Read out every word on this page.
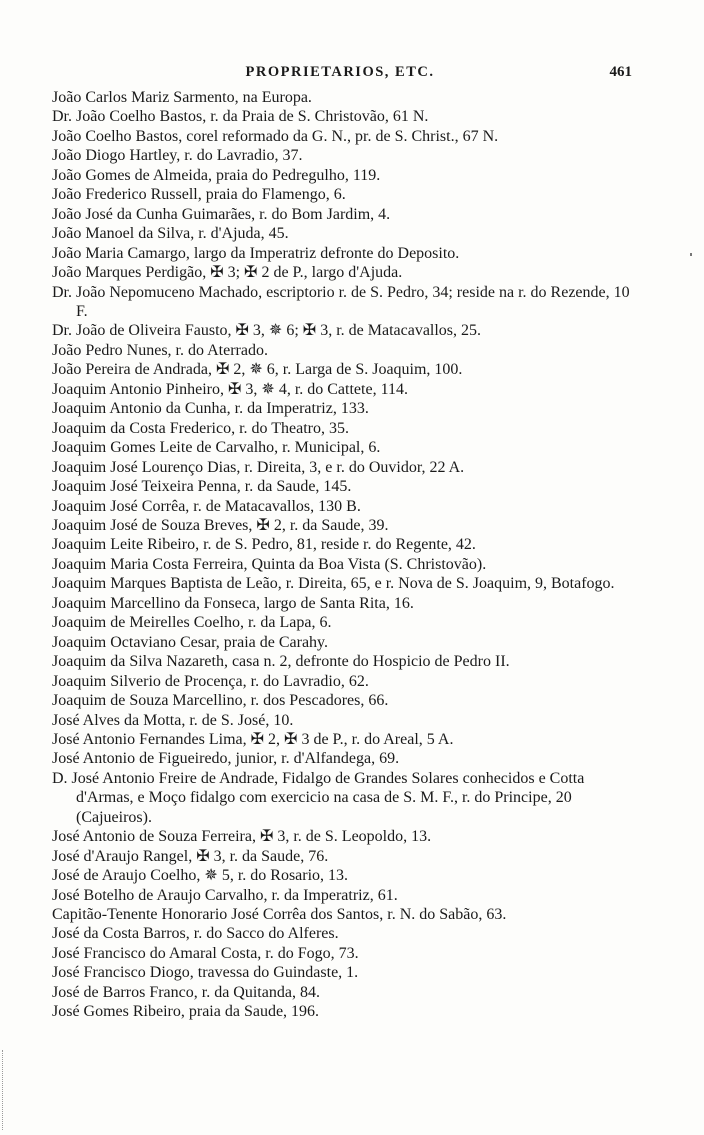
PROPRIETARIOS, ETC.	461
João Carlos Mariz Sarmento, na Europa.
Dr. João Coelho Bastos, r. da Praia de S. Christovão, 61 N.
João Coelho Bastos, corel reformado da G. N., pr. de S. Christ., 67 N.
João Diogo Hartley, r. do Lavradio, 37.
João Gomes de Almeida, praia do Pedregulho, 119.
João Frederico Russell, praia do Flamengo, 6.
João José da Cunha Guimarães, r. do Bom Jardim, 4.
João Manoel da Silva, r. d'Ajuda, 45.
João Maria Camargo, largo da Imperatriz defronte do Deposito.
João Marques Perdigão, ✠ 3; ✠ 2 de P., largo d'Ajuda.
Dr. João Nepomuceno Machado, escriptorio r. de S. Pedro, 34; reside na r. do Rezende, 10 F.
Dr. João de Oliveira Fausto, ✠ 3, ✵ 6; ✠ 3, r. de Matacavallos, 25.
João Pedro Nunes, r. do Aterrado.
João Pereira de Andrada, ✠ 2, ✵ 6, r. Larga de S. Joaquim, 100.
Joaquim Antonio Pinheiro, ✠ 3, ✵ 4, r. do Cattete, 114.
Joaquim Antonio da Cunha, r. da Imperatriz, 133.
Joaquim da Costa Frederico, r. do Theatro, 35.
Joaquim Gomes Leite de Carvalho, r. Municipal, 6.
Joaquim José Lourenço Dias, r. Direita, 3, e r. do Ouvidor, 22 A.
Joaquim José Teixeira Penna, r. da Saude, 145.
Joaquim José Corrêa, r. de Matacavallos, 130 B.
Joaquim José de Souza Breves, ✠ 2, r. da Saude, 39.
Joaquim Leite Ribeiro, r. de S. Pedro, 81, reside r. do Regente, 42.
Joaquim Maria Costa Ferreira, Quinta da Boa Vista (S. Christovão).
Joaquim Marques Baptista de Leão, r. Direita, 65, e r. Nova de S. Joaquim, 9, Botafogo.
Joaquim Marcellino da Fonseca, largo de Santa Rita, 16.
Joaquim de Meirelles Coelho, r. da Lapa, 6.
Joaquim Octaviano Cesar, praia de Carahy.
Joaquim da Silva Nazareth, casa n. 2, defronte do Hospicio de Pedro II.
Joaquim Silverio de Procença, r. do Lavradio, 62.
Joaquim de Souza Marcellino, r. dos Pescadores, 66.
José Alves da Motta, r. de S. José, 10.
José Antonio Fernandes Lima, ✠ 2, ✠ 3 de P., r. do Areal, 5 A.
José Antonio de Figueiredo, junior, r. d'Alfandega, 69.
D. José Antonio Freire de Andrade, Fidalgo de Grandes Solares conhecidos e Cotta d'Armas, e Moço fidalgo com exercicio na casa de S. M. F., r. do Principe, 20 (Cajueiros).
José Antonio de Souza Ferreira, ✠ 3, r. de S. Leopoldo, 13.
José d'Araujo Rangel, ✠ 3, r. da Saude, 76.
José de Araujo Coelho, ✵ 5, r. do Rosario, 13.
José Botelho de Araujo Carvalho, r. da Imperatriz, 61.
Capitão-Tenente Honorario José Corrêa dos Santos, r. N. do Sabão, 63.
José da Costa Barros, r. do Sacco do Alferes.
José Francisco do Amaral Costa, r. do Fogo, 73.
José Francisco Diogo, travessa do Guindaste, 1.
José de Barros Franco, r. da Quitanda, 84.
José Gomes Ribeiro, praia da Saude, 196.
